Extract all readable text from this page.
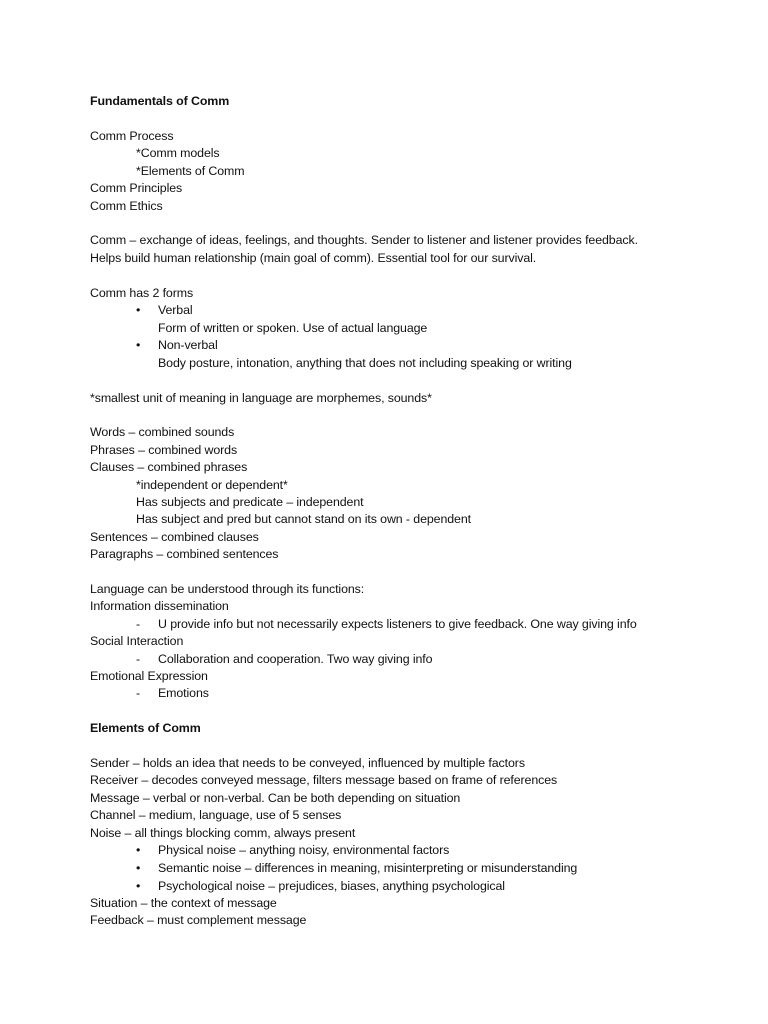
Fundamentals of Comm
Comm Process
*Comm models
*Elements of Comm
Comm Principles
Comm Ethics
Comm – exchange of ideas, feelings, and thoughts. Sender to listener and listener provides feedback.
Helps build human relationship (main goal of comm). Essential tool for our survival.
Comm has 2 forms
• Verbal
Form of written or spoken. Use of actual language
• Non-verbal
Body posture, intonation, anything that does not including speaking or writing
*smallest unit of meaning in language are morphemes, sounds*
Words – combined sounds
Phrases – combined words
Clauses – combined phrases
*independent or dependent*
Has subjects and predicate – independent
Has subject and pred but cannot stand on its own - dependent
Sentences – combined clauses
Paragraphs – combined sentences
Language can be understood through its functions:
Information dissemination
- U provide info but not necessarily expects listeners to give feedback. One way giving info
Social Interaction
- Collaboration and cooperation. Two way giving info
Emotional Expression
- Emotions
Elements of Comm
Sender – holds an idea that needs to be conveyed, influenced by multiple factors
Receiver – decodes conveyed message, filters message based on frame of references
Message – verbal or non-verbal. Can be both depending on situation
Channel – medium, language, use of 5 senses
Noise – all things blocking comm, always present
• Physical noise – anything noisy, environmental factors
• Semantic noise – differences in meaning, misinterpreting or misunderstanding
• Psychological noise – prejudices, biases, anything psychological
Situation – the context of message
Feedback – must complement message
